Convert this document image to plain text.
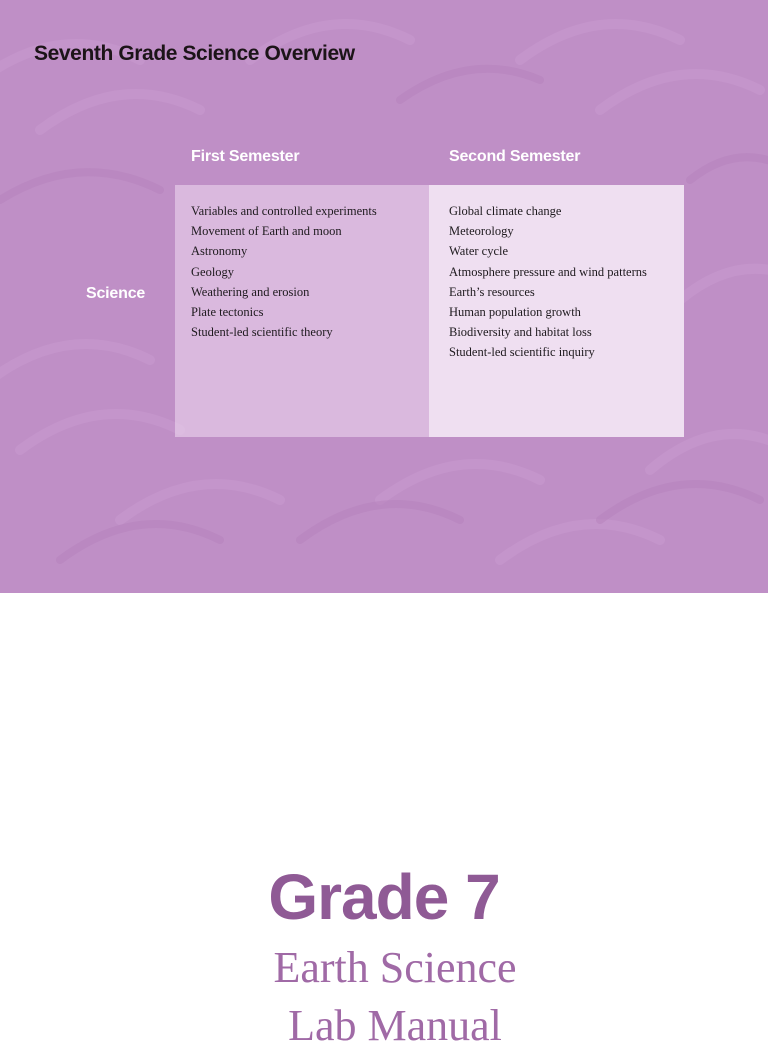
Seventh Grade Science Overview
First Semester	Second Semester
Science
Variables and controlled experiments
Movement of Earth and moon
Astronomy
Geology
Weathering and erosion
Plate tectonics
Student-led scientific theory
Global climate change
Meteorology
Water cycle
Atmosphere pressure and wind patterns
Earth’s resources
Human population growth
Biodiversity and habitat loss
Student-led scientific inquiry
Grade 7
Earth Science
Lab Manual
